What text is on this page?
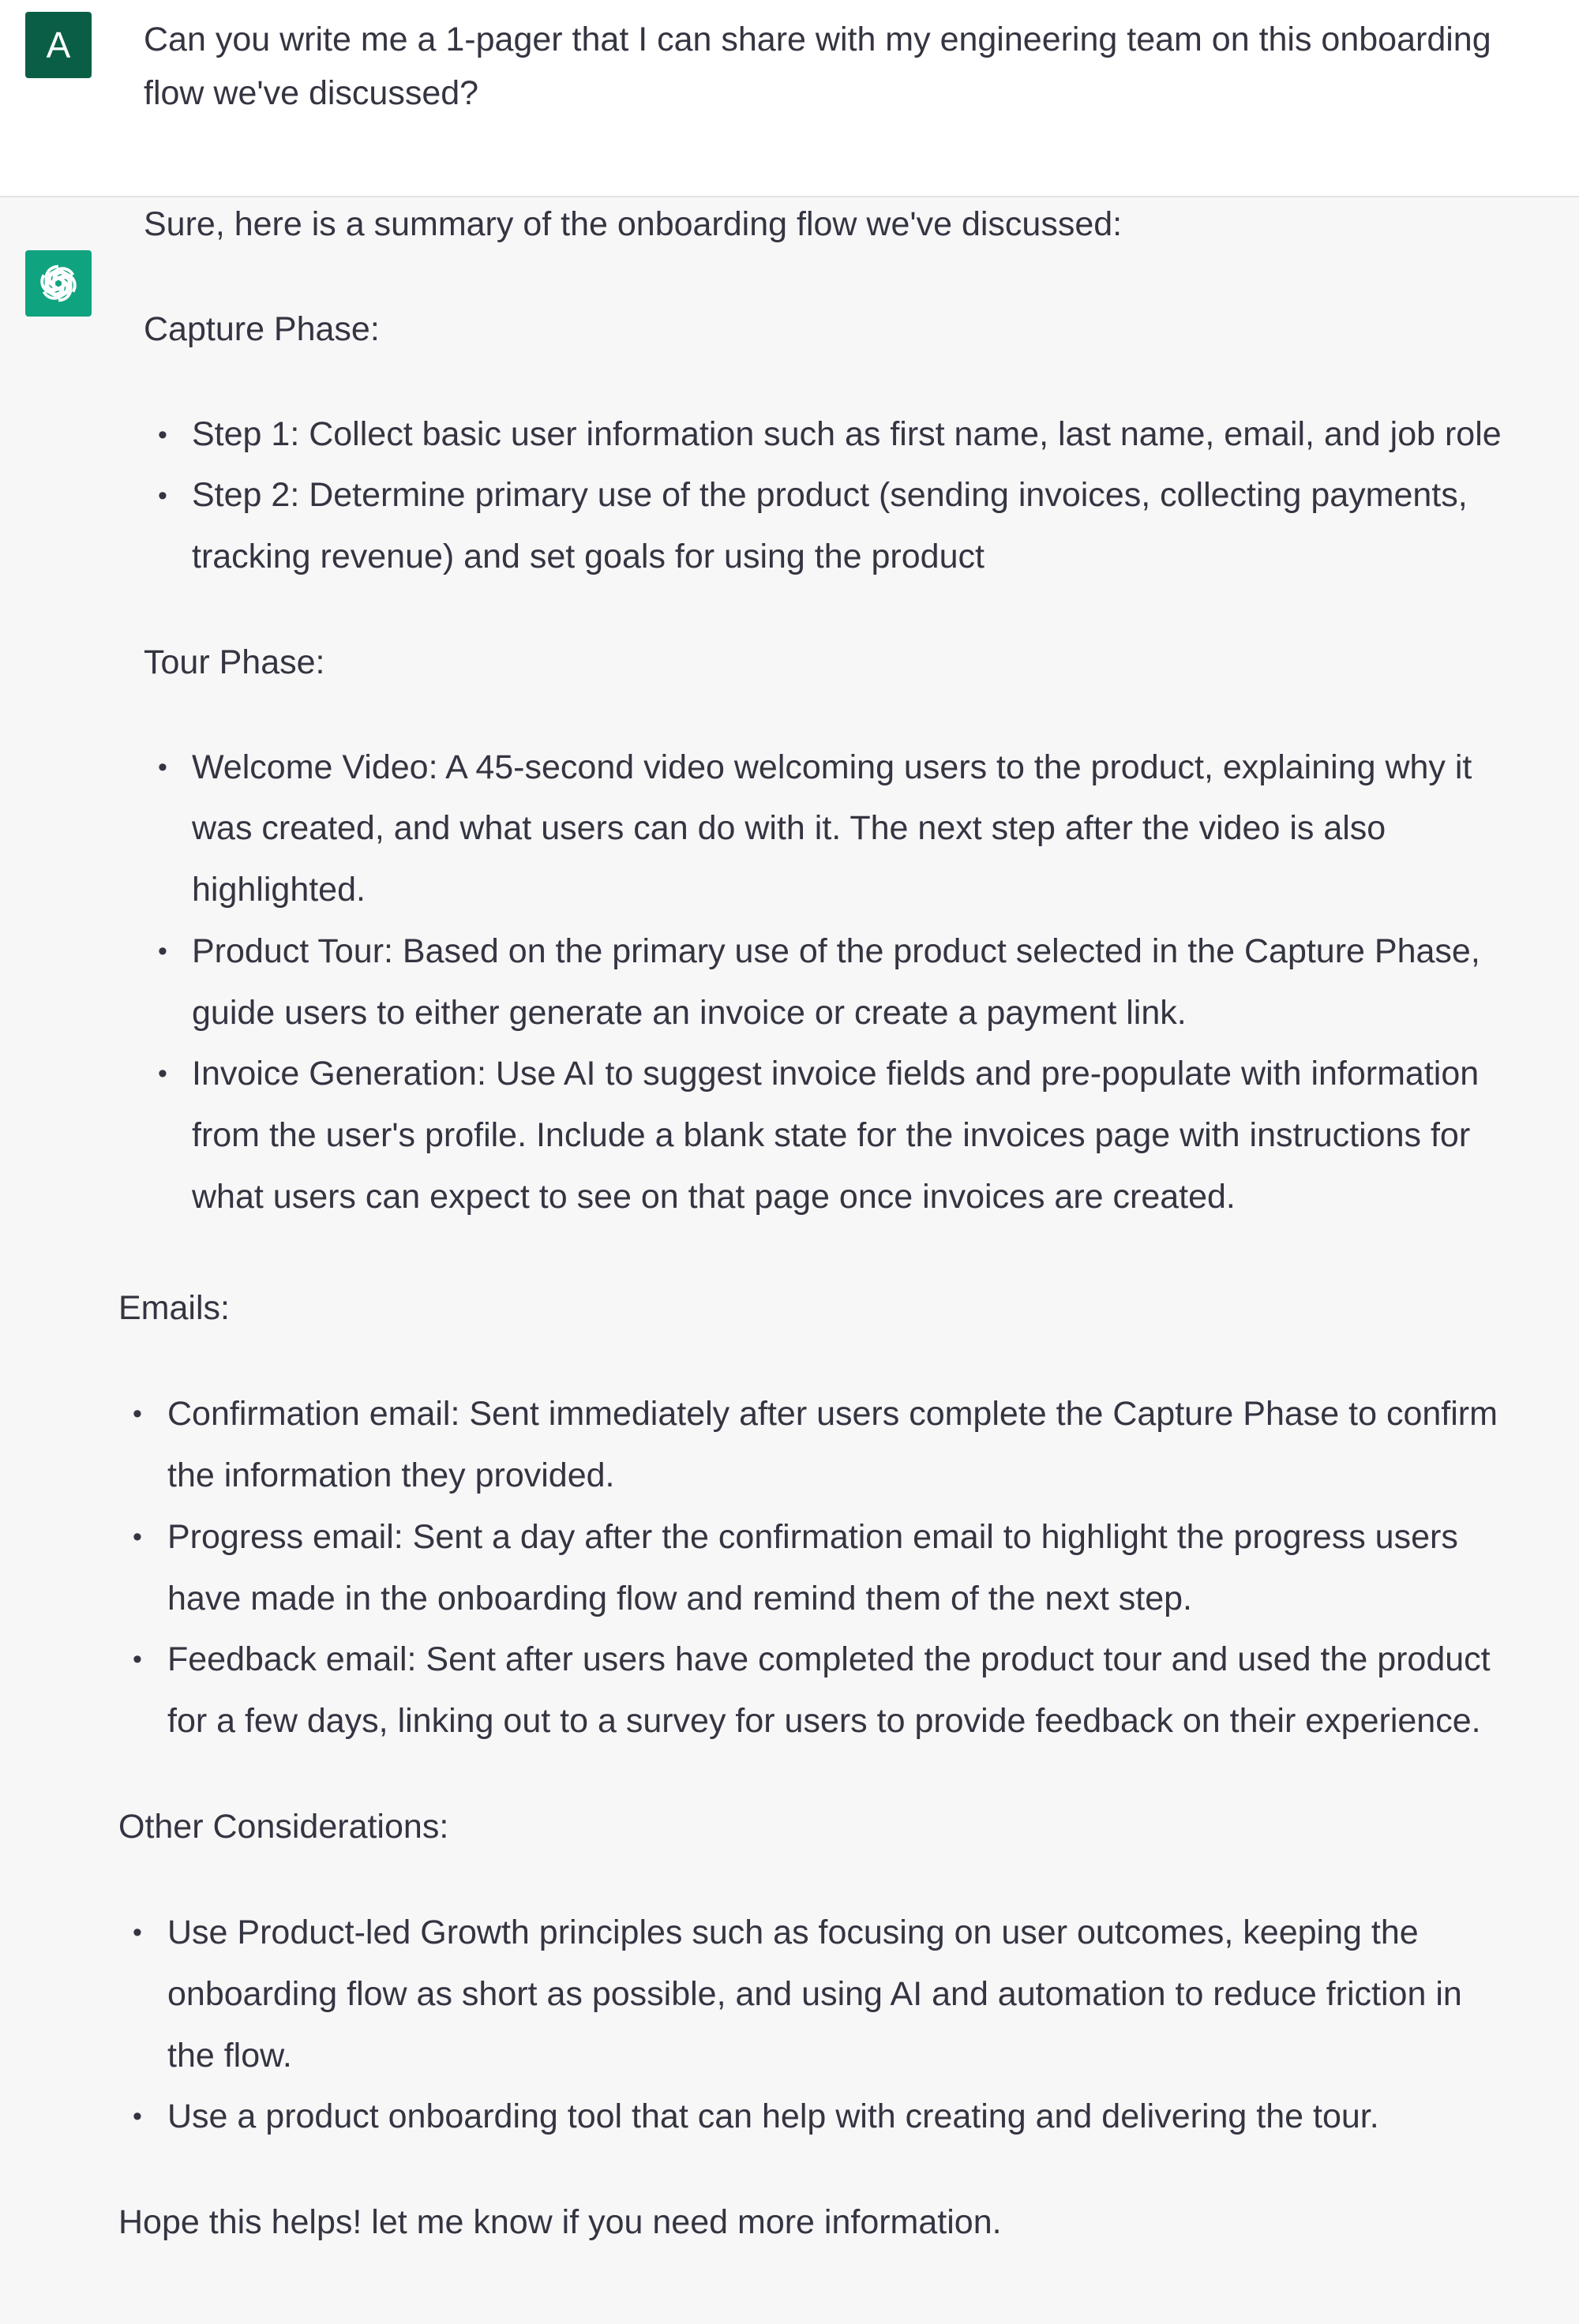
A Can you write me a 1-pager that I can share with my engineering team on this onboarding flow we've discussed?
Sure, here is a summary of the onboarding flow we've discussed:
Capture Phase:
• Step 1: Collect basic user information such as first name, last name, email, and job role
• Step 2: Determine primary use of the product (sending invoices, collecting payments,
tracking revenue) and set goals for using the product
Tour Phase:
• Welcome Video: A 45-second video welcoming users to the product, explaining why it
was created, and what users can do with it. The next step after the video is also
highlighted.
• Product Tour: Based on the primary use of the product selected in the Capture Phase,
guide users to either generate an invoice or create a payment link.
• Invoice Generation: Use AI to suggest invoice fields and pre-populate with information
from the user's profile. Include a blank state for the invoices page with instructions for
what users can expect to see on that page once invoices are created.
Emails:
• Confirmation email: Sent immediately after users complete the Capture Phase to confirm
the information they provided.
• Progress email: Sent a day after the confirmation email to highlight the progress users
have made in the onboarding flow and remind them of the next step.
• Feedback email: Sent after users have completed the product tour and used the product
for a few days, linking out to a survey for users to provide feedback on their experience.
Other Considerations:
• Use Product-led Growth principles such as focusing on user outcomes, keeping the
onboarding flow as short as possible, and using AI and automation to reduce friction in
the flow.
• Use a product onboarding tool that can help with creating and delivering the tour.
Hope this helps! let me know if you need more information.
